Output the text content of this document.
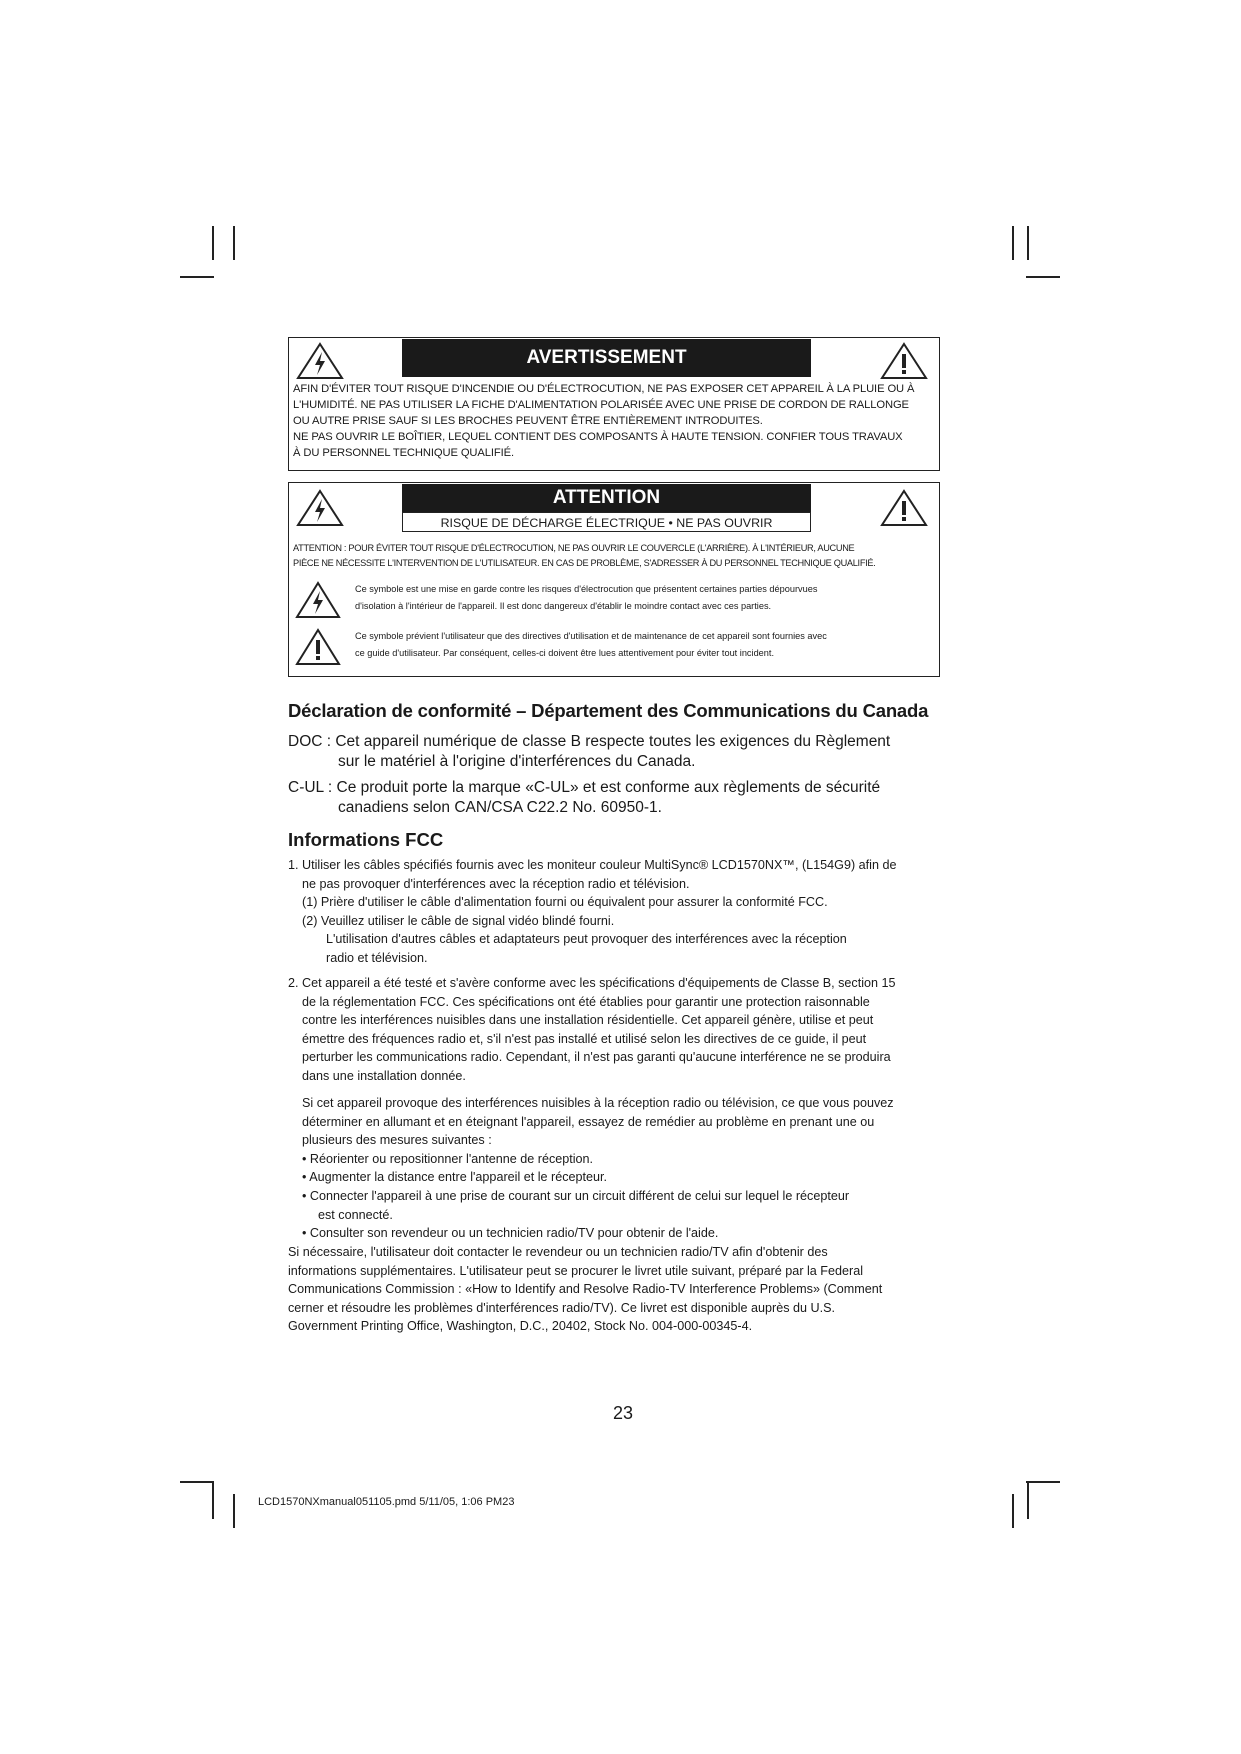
AVERTISSEMENT
AFIN D'ÉVITER TOUT RISQUE D'INCENDIE OU D'ÉLECTROCUTION, NE PAS EXPOSER CET APPAREIL À LA PLUIE OU À
L'HUMIDITÉ. NE PAS UTILISER LA FICHE D'ALIMENTATION POLARISÉE AVEC UNE PRISE DE CORDON DE RALLONGE
OU AUTRE PRISE SAUF SI LES BROCHES PEUVENT ÊTRE ENTIÈREMENT INTRODUITES.
NE PAS OUVRIR LE BOÎTIER, LEQUEL CONTIENT DES COMPOSANTS À HAUTE TENSION. CONFIER TOUS TRAVAUX
À DU PERSONNEL TECHNIQUE QUALIFIÉ.
ATTENTION
RISQUE DE DÉCHARGE ÉLECTRIQUE • NE PAS OUVRIR
ATTENTION : POUR ÉVITER TOUT RISQUE D'ÉLECTROCUTION, NE PAS OUVRIR LE COUVERCLE (L'ARRIÈRE). À L'INTÉRIEUR, AUCUNE
PIÈCE NE NÉCESSITE L'INTERVENTION DE L'UTILISATEUR. EN CAS DE PROBLÈME, S'ADRESSER À DU PERSONNEL TECHNIQUE QUALIFIÉ.
Ce symbole est une mise en garde contre les risques d'électrocution que présentent certaines parties dépourvues
d'isolation à l'intérieur de l'appareil. Il est donc dangereux d'établir le moindre contact avec ces parties.
Ce symbole prévient l'utilisateur que des directives d'utilisation et de maintenance de cet appareil sont fournies avec
ce guide d'utilisateur. Par conséquent, celles-ci doivent être lues attentivement pour éviter tout incident.
Déclaration de conformité – Département des Communications du Canada
DOC : Cet appareil numérique de classe B respecte toutes les exigences du Règlement
sur le matériel à l'origine d'interférences du Canada.
C-UL : Ce produit porte la marque «C-UL» et est conforme aux règlements de sécurité
canadiens selon CAN/CSA C22.2 No. 60950-1.
Informations FCC
1. Utiliser les câbles spécifiés fournis avec les moniteur couleur MultiSync® LCD1570NX™, (L154G9) afin de
ne pas provoquer d'interférences avec la réception radio et télévision.
(1) Prière d'utiliser le câble d'alimentation fourni ou équivalent pour assurer la conformité FCC.
(2) Veuillez utiliser le câble de signal vidéo blindé fourni.
L'utilisation d'autres câbles et adaptateurs peut provoquer des interférences avec la réception
radio et télévision.
2. Cet appareil a été testé et s'avère conforme avec les spécifications d'équipements de Classe B, section 15
de la réglementation FCC. Ces spécifications ont été établies pour garantir une protection raisonnable
contre les interférences nuisibles dans une installation résidentielle. Cet appareil génère, utilise et peut
émettre des fréquences radio et, s'il n'est pas installé et utilisé selon les directives de ce guide, il peut
perturber les communications radio. Cependant, il n'est pas garanti qu'aucune interférence ne se produira
dans une installation donnée.
Si cet appareil provoque des interférences nuisibles à la réception radio ou télévision, ce que vous pouvez
déterminer en allumant et en éteignant l'appareil, essayez de remédier au problème en prenant une ou
plusieurs des mesures suivantes :
• Réorienter ou repositionner l'antenne de réception.
• Augmenter la distance entre l'appareil et le récepteur.
• Connecter l'appareil à une prise de courant sur un circuit différent de celui sur lequel le récepteur
est connecté.
• Consulter son revendeur ou un technicien radio/TV pour obtenir de l'aide.
Si nécessaire, l'utilisateur doit contacter le revendeur ou un technicien radio/TV afin d'obtenir des
informations supplémentaires. L'utilisateur peut se procurer le livret utile suivant, préparé par la Federal
Communications Commission : «How to Identify and Resolve Radio-TV Interference Problems» (Comment
cerner et résoudre les problèmes d'interférences radio/TV). Ce livret est disponible auprès du U.S.
Government Printing Office, Washington, D.C., 20402, Stock No. 004-000-00345-4.
23
LCD1570NXmanual051105.pmd 5/11/05, 1:06 PM23
